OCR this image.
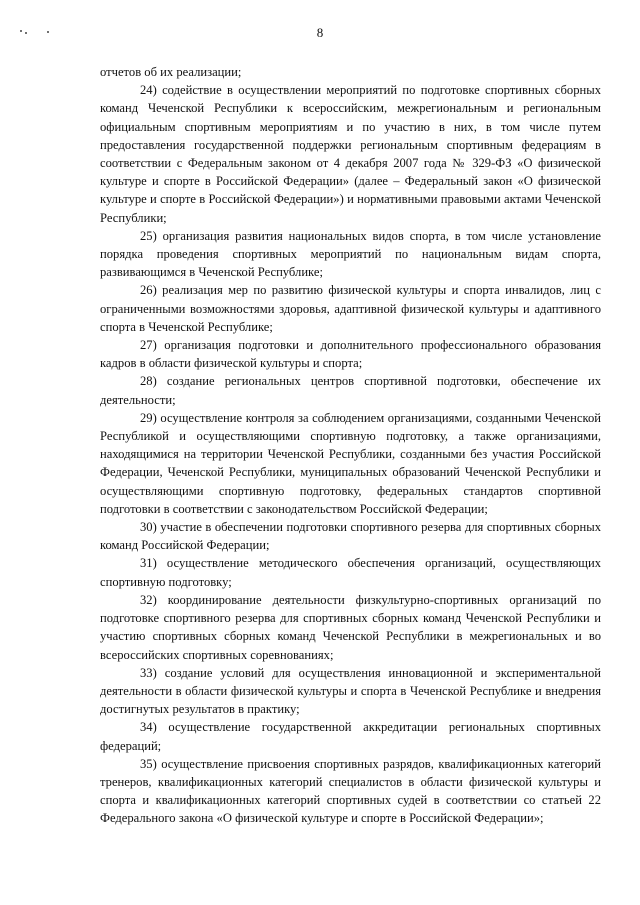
8

отчетов об их реализации;

24) содействие в осуществлении мероприятий по подготовке спортивных сборных команд Чеченской Республики к всероссийским, межрегиональным и региональным официальным спортивным мероприятиям и по участию в них, в том числе путем предоставления государственной поддержки региональным спортивным федерациям в соответствии с Федеральным законом от 4 декабря 2007 года № 329-ФЗ «О физической культуре и спорте в Российской Федерации» (далее – Федеральный закон «О физической культуре и спорте в Российской Федерации») и нормативными правовыми актами Чеченской Республики;

25) организация развития национальных видов спорта, в том числе установление порядка проведения спортивных мероприятий по национальным видам спорта, развивающимся в Чеченской Республике;

26) реализация мер по развитию физической культуры и спорта инвалидов, лиц с ограниченными возможностями здоровья, адаптивной физической культуры и адаптивного спорта в Чеченской Республике;

27) организация подготовки и дополнительного профессионального образования кадров в области физической культуры и спорта;

28) создание региональных центров спортивной подготовки, обеспечение их деятельности;

29) осуществление контроля за соблюдением организациями, созданными Чеченской Республикой и осуществляющими спортивную подготовку, а также организациями, находящимися на территории Чеченской Республики, созданными без участия Российской Федерации, Чеченской Республики, муниципальных образований Чеченской Республики и осуществляющими спортивную подготовку, федеральных стандартов спортивной подготовки в соответствии с законодательством Российской Федерации;

30) участие в обеспечении подготовки спортивного резерва для спортивных сборных команд Российской Федерации;

31) осуществление методического обеспечения организаций, осуществляющих спортивную подготовку;

32) координирование деятельности физкультурно-спортивных организаций по подготовке спортивного резерва для спортивных сборных команд Чеченской Республики и участию спортивных сборных команд Чеченской Республики в межрегиональных и во всероссийских спортивных соревнованиях;

33) создание условий для осуществления инновационной и экспериментальной деятельности в области физической культуры и спорта в Чеченской Республике и внедрения достигнутых результатов в практику;

34) осуществление государственной аккредитации региональных спортивных федераций;

35) осуществление присвоения спортивных разрядов, квалификационных категорий тренеров, квалификационных категорий специалистов в области физической культуры и спорта и квалификационных категорий спортивных судей в соответствии со статьей 22 Федерального закона «О физической культуре и спорте в Российской Федерации»;
